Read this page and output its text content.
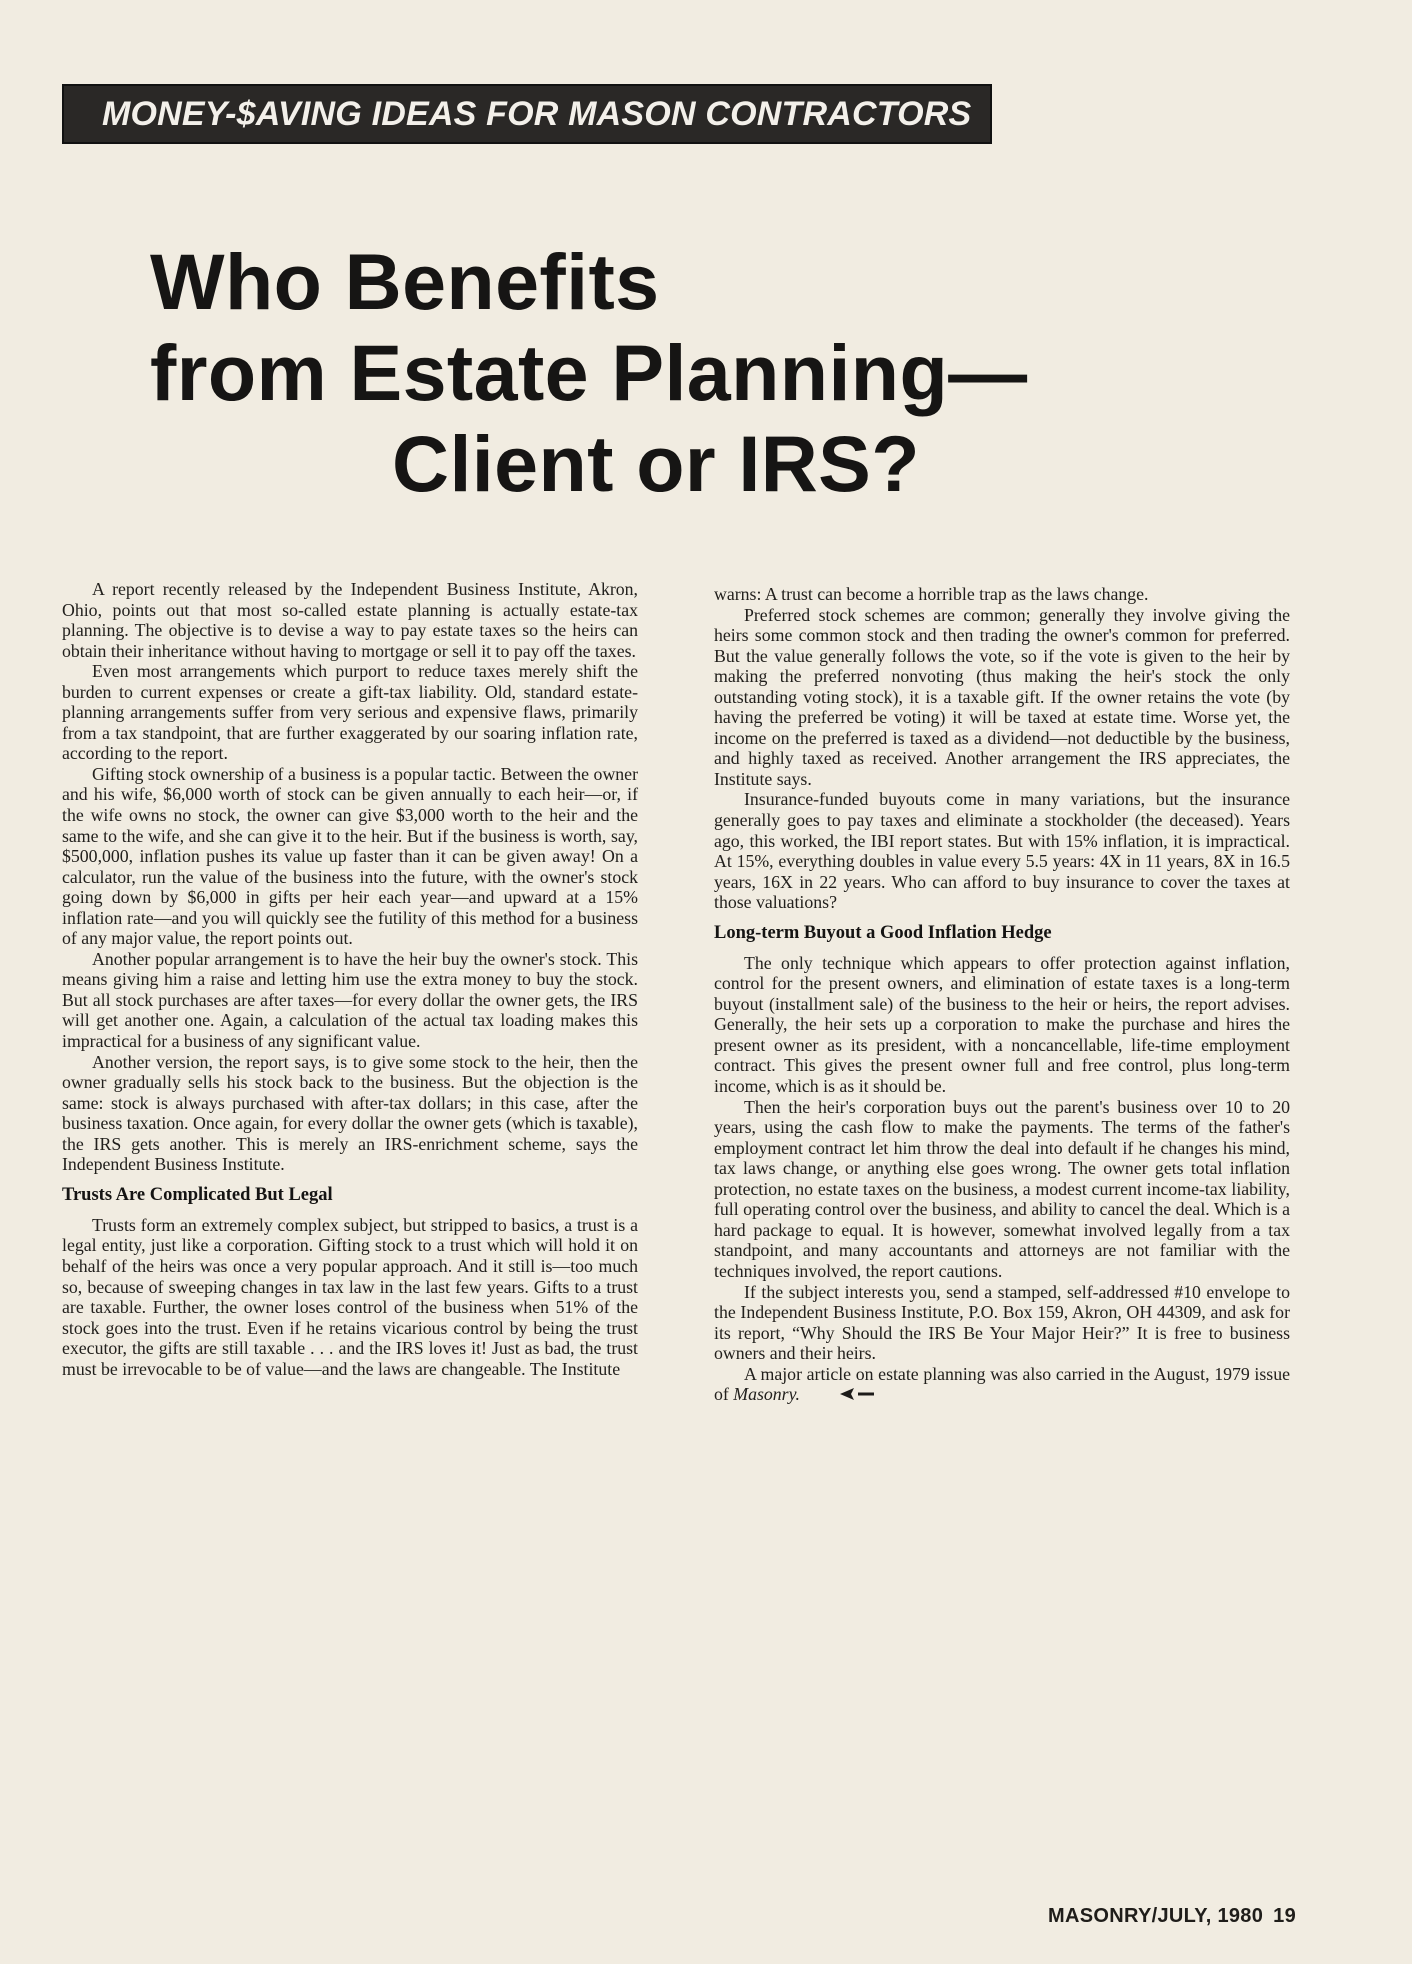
MONEY-$AVING IDEAS FOR MASON CONTRACTORS
Who Benefits
from Estate Planning—
Client or IRS?

A report recently released by the Independent Business Institute, Akron, Ohio, points out that most so-called estate planning is actually estate-tax planning. The objective is to devise a way to pay estate taxes so the heirs can obtain their inheritance without having to mortgage or sell it to pay off the taxes.

Even most arrangements which purport to reduce taxes merely shift the burden to current expenses or create a gift-tax liability. Old, standard estate-planning arrangements suffer from very serious and expensive flaws, primarily from a tax standpoint, that are further exaggerated by our soaring inflation rate, according to the report.

Gifting stock ownership of a business is a popular tactic. Between the owner and his wife, $6,000 worth of stock can be given annually to each heir—or, if the wife owns no stock, the owner can give $3,000 worth to the heir and the same to the wife, and she can give it to the heir. But if the business is worth, say, $500,000, inflation pushes its value up faster than it can be given away! On a calculator, run the value of the business into the future, with the owner's stock going down by $6,000 in gifts per heir each year—and upward at a 15% inflation rate—and you will quickly see the futility of this method for a business of any major value, the report points out.

Another popular arrangement is to have the heir buy the owner's stock. This means giving him a raise and letting him use the extra money to buy the stock. But all stock purchases are after taxes—for every dollar the owner gets, the IRS will get another one. Again, a calculation of the actual tax loading makes this impractical for a business of any significant value.

Another version, the report says, is to give some stock to the heir, then the owner gradually sells his stock back to the business. But the objection is the same: stock is always purchased with after-tax dollars; in this case, after the business taxation. Once again, for every dollar the owner gets (which is taxable), the IRS gets another. This is merely an IRS-enrichment scheme, says the Independent Business Institute.

Trusts Are Complicated But Legal

Trusts form an extremely complex subject, but stripped to basics, a trust is a legal entity, just like a corporation. Gifting stock to a trust which will hold it on behalf of the heirs was once a very popular approach. And it still is—too much so, because of sweeping changes in tax law in the last few years. Gifts to a trust are taxable. Further, the owner loses control of the business when 51% of the stock goes into the trust. Even if he retains vicarious control by being the trust executor, the gifts are still taxable . . . and the IRS loves it! Just as bad, the trust must be irrevocable to be of value—and the laws are changeable. The Institute

warns: A trust can become a horrible trap as the laws change.

Preferred stock schemes are common; generally they involve giving the heirs some common stock and then trading the owner's common for preferred. But the value generally follows the vote, so if the vote is given to the heir by making the preferred nonvoting (thus making the heir's stock the only outstanding voting stock), it is a taxable gift. If the owner retains the vote (by having the preferred be voting) it will be taxed at estate time. Worse yet, the income on the preferred is taxed as a dividend—not deductible by the business, and highly taxed as received. Another arrangement the IRS appreciates, the Institute says.

Insurance-funded buyouts come in many variations, but the insurance generally goes to pay taxes and eliminate a stockholder (the deceased). Years ago, this worked, the IBI report states. But with 15% inflation, it is impractical. At 15%, everything doubles in value every 5.5 years: 4X in 11 years, 8X in 16.5 years, 16X in 22 years. Who can afford to buy insurance to cover the taxes at those valuations?

Long-term Buyout a Good Inflation Hedge

The only technique which appears to offer protection against inflation, control for the present owners, and elimination of estate taxes is a long-term buyout (installment sale) of the business to the heir or heirs, the report advises. Generally, the heir sets up a corporation to make the purchase and hires the present owner as its president, with a noncancellable, life-time employment contract. This gives the present owner full and free control, plus long-term income, which is as it should be.

Then the heir's corporation buys out the parent's business over 10 to 20 years, using the cash flow to make the payments. The terms of the father's employment contract let him throw the deal into default if he changes his mind, tax laws change, or anything else goes wrong. The owner gets total inflation protection, no estate taxes on the business, a modest current income-tax liability, full operating control over the business, and ability to cancel the deal. Which is a hard package to equal. It is however, somewhat involved legally from a tax standpoint, and many accountants and attorneys are not familiar with the techniques involved, the report cautions.

If the subject interests you, send a stamped, self-addressed #10 envelope to the Independent Business Institute, P.O. Box 159, Akron, OH 44309, and ask for its report, “Why Should the IRS Be Your Major Heir?” It is free to business owners and their heirs.

A major article on estate planning was also carried in the August, 1979 issue of Masonry.

MASONRY/JULY, 1980 19
